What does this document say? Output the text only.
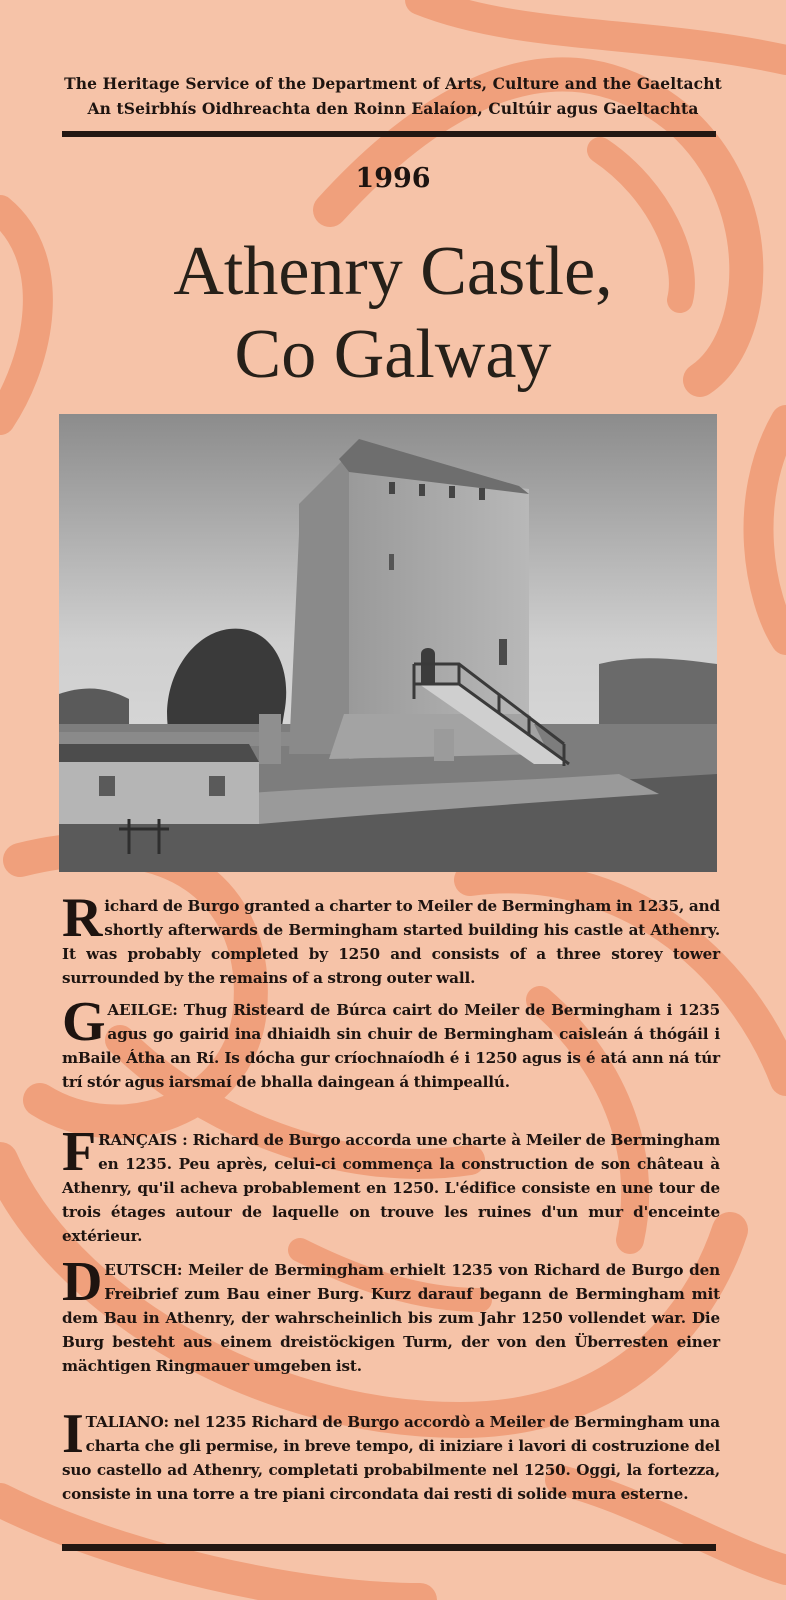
The Heritage Service of the Department of Arts, Culture and the Gaeltacht
An tSeirbhís Oidhreachta den Roinn Ealaíon, Cultúir agus Gaeltachta
1996
Athenry Castle,
Co Galway

Richard de Burgo granted a charter to Meiler de Bermingham in 1235, and shortly afterwards de Bermingham started building his castle at Athenry. It was probably completed by 1250 and consists of a three storey tower surrounded by the remains of a strong outer wall.

GAEILGE: Thug Risteard de Búrca cairt do Meiler de Bermingham i 1235 agus go gairid ina dhiaidh sin chuir de Bermingham caisleán á thógáil i mBaile Átha an Rí. Is dócha gur críochnaíodh é i 1250 agus is é atá ann ná túr trí stór agus iarsmaí de bhalla daingean á thimpeallú.

FRANÇAIS : Richard de Burgo accorda une charte à Meiler de Bermingham en 1235. Peu après, celui-ci commença la construction de son château à Athenry, qu'il acheva probablement en 1250. L'édifice consiste en une tour de trois étages autour de laquelle on trouve les ruines d'un mur d'enceinte extérieur.

DEUTSCH: Meiler de Bermingham erhielt 1235 von Richard de Burgo den Freibrief zum Bau einer Burg. Kurz darauf begann de Bermingham mit dem Bau in Athenry, der wahrscheinlich bis zum Jahr 1250 vollendet war. Die Burg besteht aus einem dreistöckigen Turm, der von den Überresten einer mächtigen Ringmauer umgeben ist.

ITALIANO: nel 1235 Richard de Burgo accordò a Meiler de Bermingham una charta che gli permise, in breve tempo, di iniziare i lavori di costruzione del suo castello ad Athenry, completati probabilmente nel 1250. Oggi, la fortezza, consiste in una torre a tre piani circondata dai resti di solide mura esterne.
